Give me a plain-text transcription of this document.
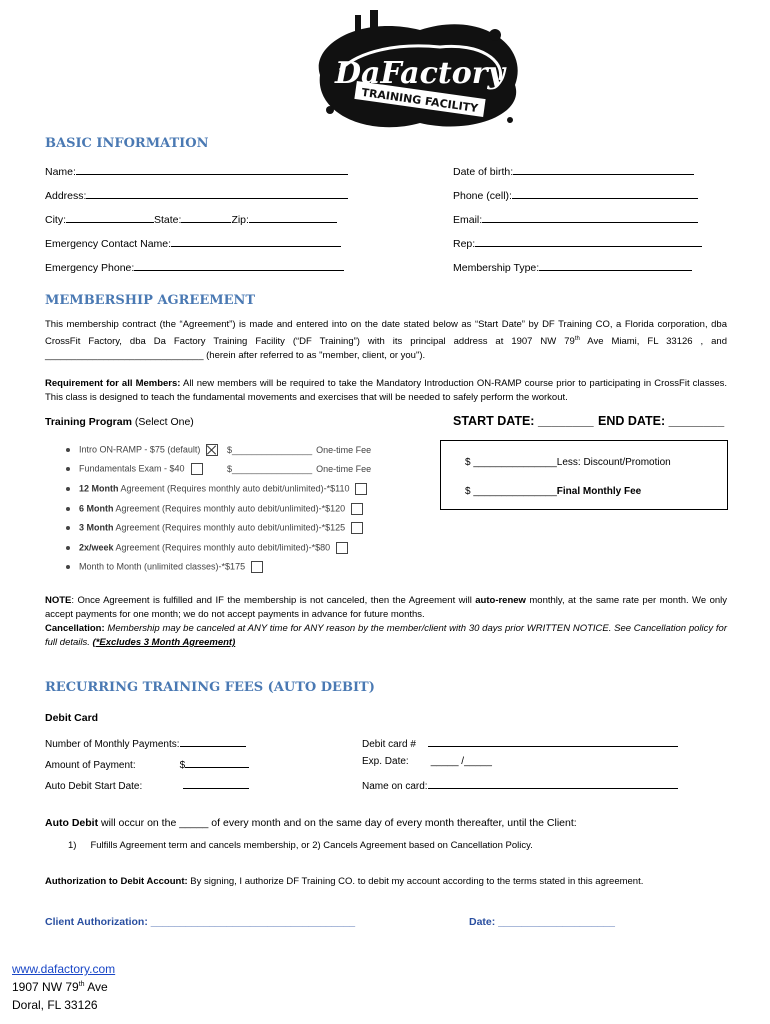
DaFactory
TRAINING FACILITY
BASIC INFORMATION
Name:
Address:
City:	State:	Zip:
Emergency Contact Name:
Emergency Phone:
Date of birth:
Phone (cell):
Email:
Rep:
Membership Type:
MEMBERSHIP AGREEMENT
This membership contract (the “Agreement”) is made and entered into on the date stated below as “Start Date” by DF Training CO, a Florida corporation, dba CrossFit Factory, dba Da Factory Training Facility (“DF Training”) with its principal address at 1907 NW 79th Ave Miami, FL 33126 , and ______________________________ (herein after referred to as "member, client, or you").
Requirement for all Members: All new members will be required to take the Mandatory Introduction ON-RAMP course prior to participating in CrossFit classes. This class is designed to teach the fundamental movements and exercises that will be needed to safely perform the workout.
Training Program (Select One)	START DATE: ________ END DATE: ________
Intro ON-RAMP - $75 (default)
Fundamentals Exam - $40
12 Month Agreement (Requires monthly auto debit/unlimited)-*$110
6 Month Agreement (Requires monthly auto debit/unlimited)-*$120
3 Month Agreement (Requires monthly auto debit/unlimited)-*$125
2x/week Agreement (Requires monthly auto debit/limited)-*$80
Month to Month (unlimited classes)-*$175
$________________ One-time Fee
$________________ One-time Fee
$ _______________Less: Discount/Promotion
$ _______________Final Monthly Fee
NOTE: Once Agreement is fulfilled and IF the membership is not canceled, then the Agreement will auto-renew monthly, at the same rate per month. We only accept payments for one month; we do not accept payments in advance for future months.
Cancellation: Membership may be canceled at ANY time for ANY reason by the member/client with 30 days prior WRITTEN NOTICE. See Cancellation policy for full details. (*Excludes 3 Month Agreement)
RECURRING TRAINING FEES (AUTO DEBIT)
Debit Card
Number of Monthly Payments:
Amount of Payment:	$
Auto Debit Start Date:
Debit card #
Exp. Date: _____ /_____
Name on card:
Auto Debit will occur on the _____ of every month and on the same day of every month thereafter, until the Client:
1) Fulfills Agreement term and cancels membership, or 2) Cancels Agreement based on Cancellation Policy.
Authorization to Debit Account: By signing, I authorize DF Training CO. to debit my account according to the terms stated in this agreement.
Client Authorization: ___________________________________	Date: ____________________
www.dafactory.com
1907 NW 79th Ave
Doral, FL 33126
